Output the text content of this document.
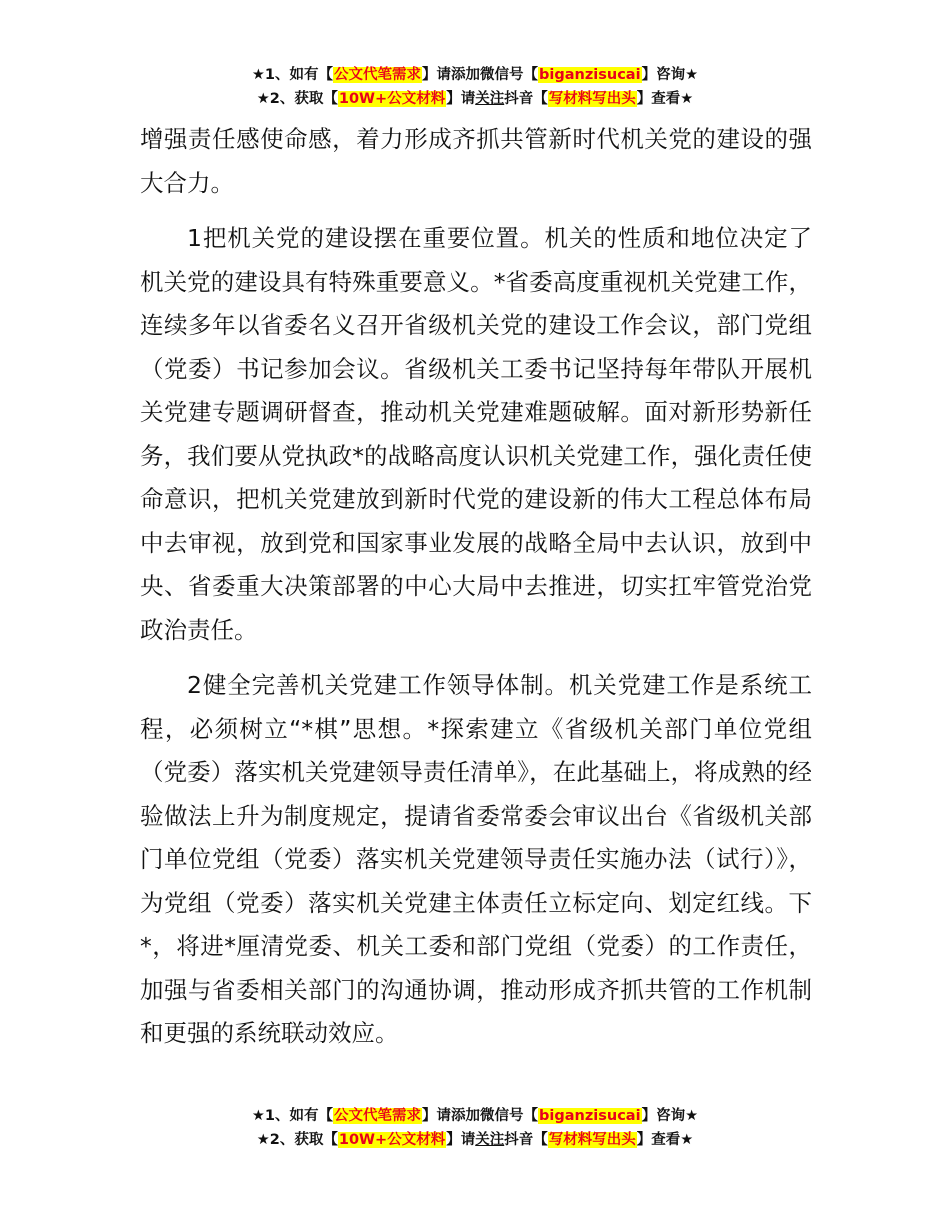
★1、如有【公文代笔需求】请添加微信号【biganzisucai】咨询★
★2、获取【10W+公文材料】请关注抖音【写材料写出头】查看★

增强责任感使命感，着力形成齐抓共管新时代机关党的建设的强大合力。

1把机关党的建设摆在重要位置。机关的性质和地位决定了机关党的建设具有特殊重要意义。*省委高度重视机关党建工作，连续多年以省委名义召开省级机关党的建设工作会议，部门党组（党委）书记参加会议。省级机关工委书记坚持每年带队开展机关党建专题调研督查，推动机关党建难题破解。面对新形势新任务，我们要从党执政*的战略高度认识机关党建工作，强化责任使命意识，把机关党建放到新时代党的建设新的伟大工程总体布局中去审视，放到党和国家事业发展的战略全局中去认识，放到中央、省委重大决策部署的中心大局中去推进，切实扛牢管党治党政治责任。

2健全完善机关党建工作领导体制。机关党建工作是系统工程，必须树立“*棋”思想。*探索建立《省级机关部门单位党组（党委）落实机关党建领导责任清单》，在此基础上，将成熟的经验做法上升为制度规定，提请省委常委会审议出台《省级机关部门单位党组（党委）落实机关党建领导责任实施办法（试行）》，为党组（党委）落实机关党建主体责任立标定向、划定红线。下*，将进*厘清党委、机关工委和部门党组（党委）的工作责任，加强与省委相关部门的沟通协调，推动形成齐抓共管的工作机制和更强的系统联动效应。

★1、如有【公文代笔需求】请添加微信号【biganzisucai】咨询★
★2、获取【10W+公文材料】请关注抖音【写材料写出头】查看★
